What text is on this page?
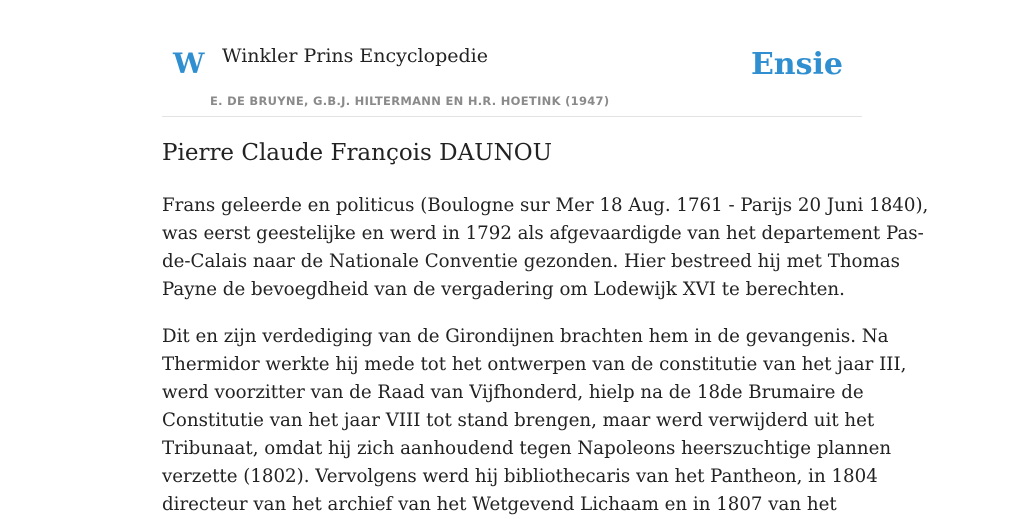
W Winkler Prins Encyclopedie
E. DE BRUYNE, G.B.J. HILTERMANN EN H.R. HOETINK (1947)
Ensie
Pierre Claude François DAUNOU

Frans geleerde en politicus (Boulogne sur Mer 18 Aug. 1761 - Parijs 20 Juni 1840),
was eerst geestelijke en werd in 1792 als afgevaardigde van het departement Pas-
de-Calais naar de Nationale Conventie gezonden. Hier bestreed hij met Thomas
Payne de bevoegdheid van de vergadering om Lodewijk XVI te berechten.

Dit en zijn verdediging van de Girondijnen brachten hem in de gevangenis. Na
Thermidor werkte hij mede tot het ontwerpen van de constitutie van het jaar III,
werd voorzitter van de Raad van Vijfhonderd, hielp na de 18de Brumaire de
Constitutie van het jaar VIII tot stand brengen, maar werd verwijderd uit het
Tribunaat, omdat hij zich aanhoudend tegen Napoleons heerszuchtige plannen
verzette (1802). Vervolgens werd hij bibliothecaris van het Pantheon, in 1804
directeur van het archief van het Wetgevend Lichaam en in 1807 van het
